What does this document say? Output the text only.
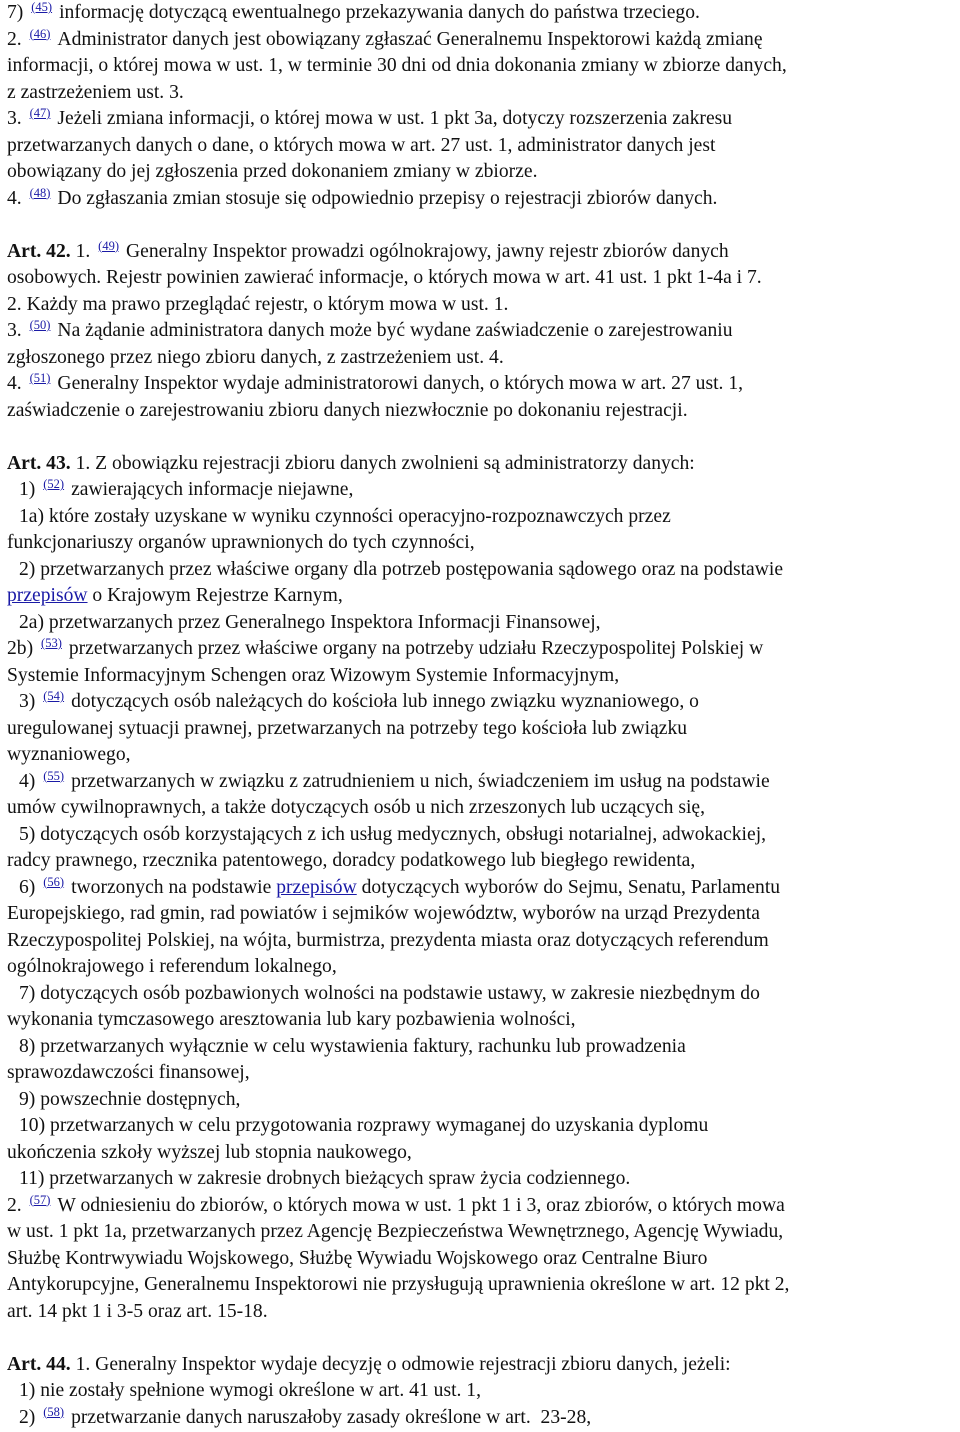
7) $^{(45)}$ informację dotyczącą ewentualnego przekazywania danych do państwa trzeciego.
2. $^{(46)}$ Administrator danych jest obowiązany zgłaszać Generalnemu Inspektorowi każdą zmianę
informacji, o której mowa w ust. 1, w terminie 30 dni od dnia dokonania zmiany w zbiorze danych,
z zastrzeżeniem ust. 3.
3. $^{(47)}$ Jeżeli zmiana informacji, o której mowa w ust. 1 pkt 3a, dotyczy rozszerzenia zakresu
przetwarzanych danych o dane, o których mowa w art. 27 ust. 1, administrator danych jest
obowiązany do jej zgłoszenia przed dokonaniem zmiany w zbiorze.
4. $^{(48)}$ Do zgłaszania zmian stosuje się odpowiednio przepisy o rejestracji zbiorów danych.
Art. 42. 1. $^{(49)}$ Generalny Inspektor prowadzi ogólnokrajowy, jawny rejestr zbiorów danych
osobowych. Rejestr powinien zawierać informacje, o których mowa w art. 41 ust. 1 pkt 1-4a i 7.
2. Każdy ma prawo przeglądać rejestr, o którym mowa w ust. 1.
3. $^{(50)}$ Na żądanie administratora danych może być wydane zaświadczenie o zarejestrowaniu
zgłoszonego przez niego zbioru danych, z zastrzeżeniem ust. 4.
4. $^{(51)}$ Generalny Inspektor wydaje administratorowi danych, o których mowa w art. 27 ust. 1,
zaświadczenie o zarejestrowaniu zbioru danych niezwłocznie po dokonaniu rejestracji.
Art. 43. 1. Z obowiązku rejestracji zbioru danych zwolnieni są administratorzy danych:
1) $^{(52)}$ zawierających informacje niejawne,
1a) które zostały uzyskane w wyniku czynności operacyjno-rozpoznawczych przez
funkcjonariuszy organów uprawnionych do tych czynności,
2) przetwarzanych przez właściwe organy dla potrzeb postępowania sądowego oraz na podstawie
przepisów o Krajowym Rejestrze Karnym,
2a) przetwarzanych przez Generalnego Inspektora Informacji Finansowej,
2b) $^{(53)}$ przetwarzanych przez właściwe organy na potrzeby udziału Rzeczypospolitej Polskiej w
Systemie Informacyjnym Schengen oraz Wizowym Systemie Informacyjnym,
3) $^{(54)}$ dotyczących osób należących do kościoła lub innego związku wyznaniowego, o
uregulowanej sytuacji prawnej, przetwarzanych na potrzeby tego kościoła lub związku
wyznaniowego,
4) $^{(55)}$ przetwarzanych w związku z zatrudnieniem u nich, świadczeniem im usług na podstawie
umów cywilnoprawnych, a także dotyczących osób u nich zrzeszonych lub uczących się,
5) dotyczących osób korzystających z ich usług medycznych, obsługi notarialnej, adwokackiej,
radcy prawnego, rzecznika patentowego, doradcy podatkowego lub biegłego rewidenta,
6) $^{(56)}$ tworzonych na podstawie przepisów dotyczących wyborów do Sejmu, Senatu, Parlamentu
Europejskiego, rad gmin, rad powiatów i sejmików województw, wyborów na urząd Prezydenta
Rzeczypospolitej Polskiej, na wójta, burmistrza, prezydenta miasta oraz dotyczących referendum
ogólnokrajowego i referendum lokalnego,
7) dotyczących osób pozbawionych wolności na podstawie ustawy, w zakresie niezbędnym do
wykonania tymczasowego aresztowania lub kary pozbawienia wolności,
8) przetwarzanych wyłącznie w celu wystawienia faktury, rachunku lub prowadzenia
sprawozdawczości finansowej,
9) powszechnie dostępnych,
10) przetwarzanych w celu przygotowania rozprawy wymaganej do uzyskania dyplomu
ukończenia szkoły wyższej lub stopnia naukowego,
11) przetwarzanych w zakresie drobnych bieżących spraw życia codziennego.
2. $^{(57)}$ W odniesieniu do zbiorów, o których mowa w ust. 1 pkt 1 i 3, oraz zbiorów, o których mowa
w ust. 1 pkt 1a, przetwarzanych przez Agencję Bezpieczeństwa Wewnętrznego, Agencję Wywiadu,
Służbę Kontrwywiadu Wojskowego, Służbę Wywiadu Wojskowego oraz Centralne Biuro
Antykorupcyjne, Generalnemu Inspektorowi nie przysługują uprawnienia określone w art. 12 pkt 2,
art. 14 pkt 1 i 3-5 oraz art. 15-18.
Art. 44. 1. Generalny Inspektor wydaje decyzję o odmowie rejestracji zbioru danych, jeżeli:
1) nie zostały spełnione wymogi określone w art. 41 ust. 1,
2) $^{(58)}$ przetwarzanie danych naruszałoby zasady określone w art.  23-28,
